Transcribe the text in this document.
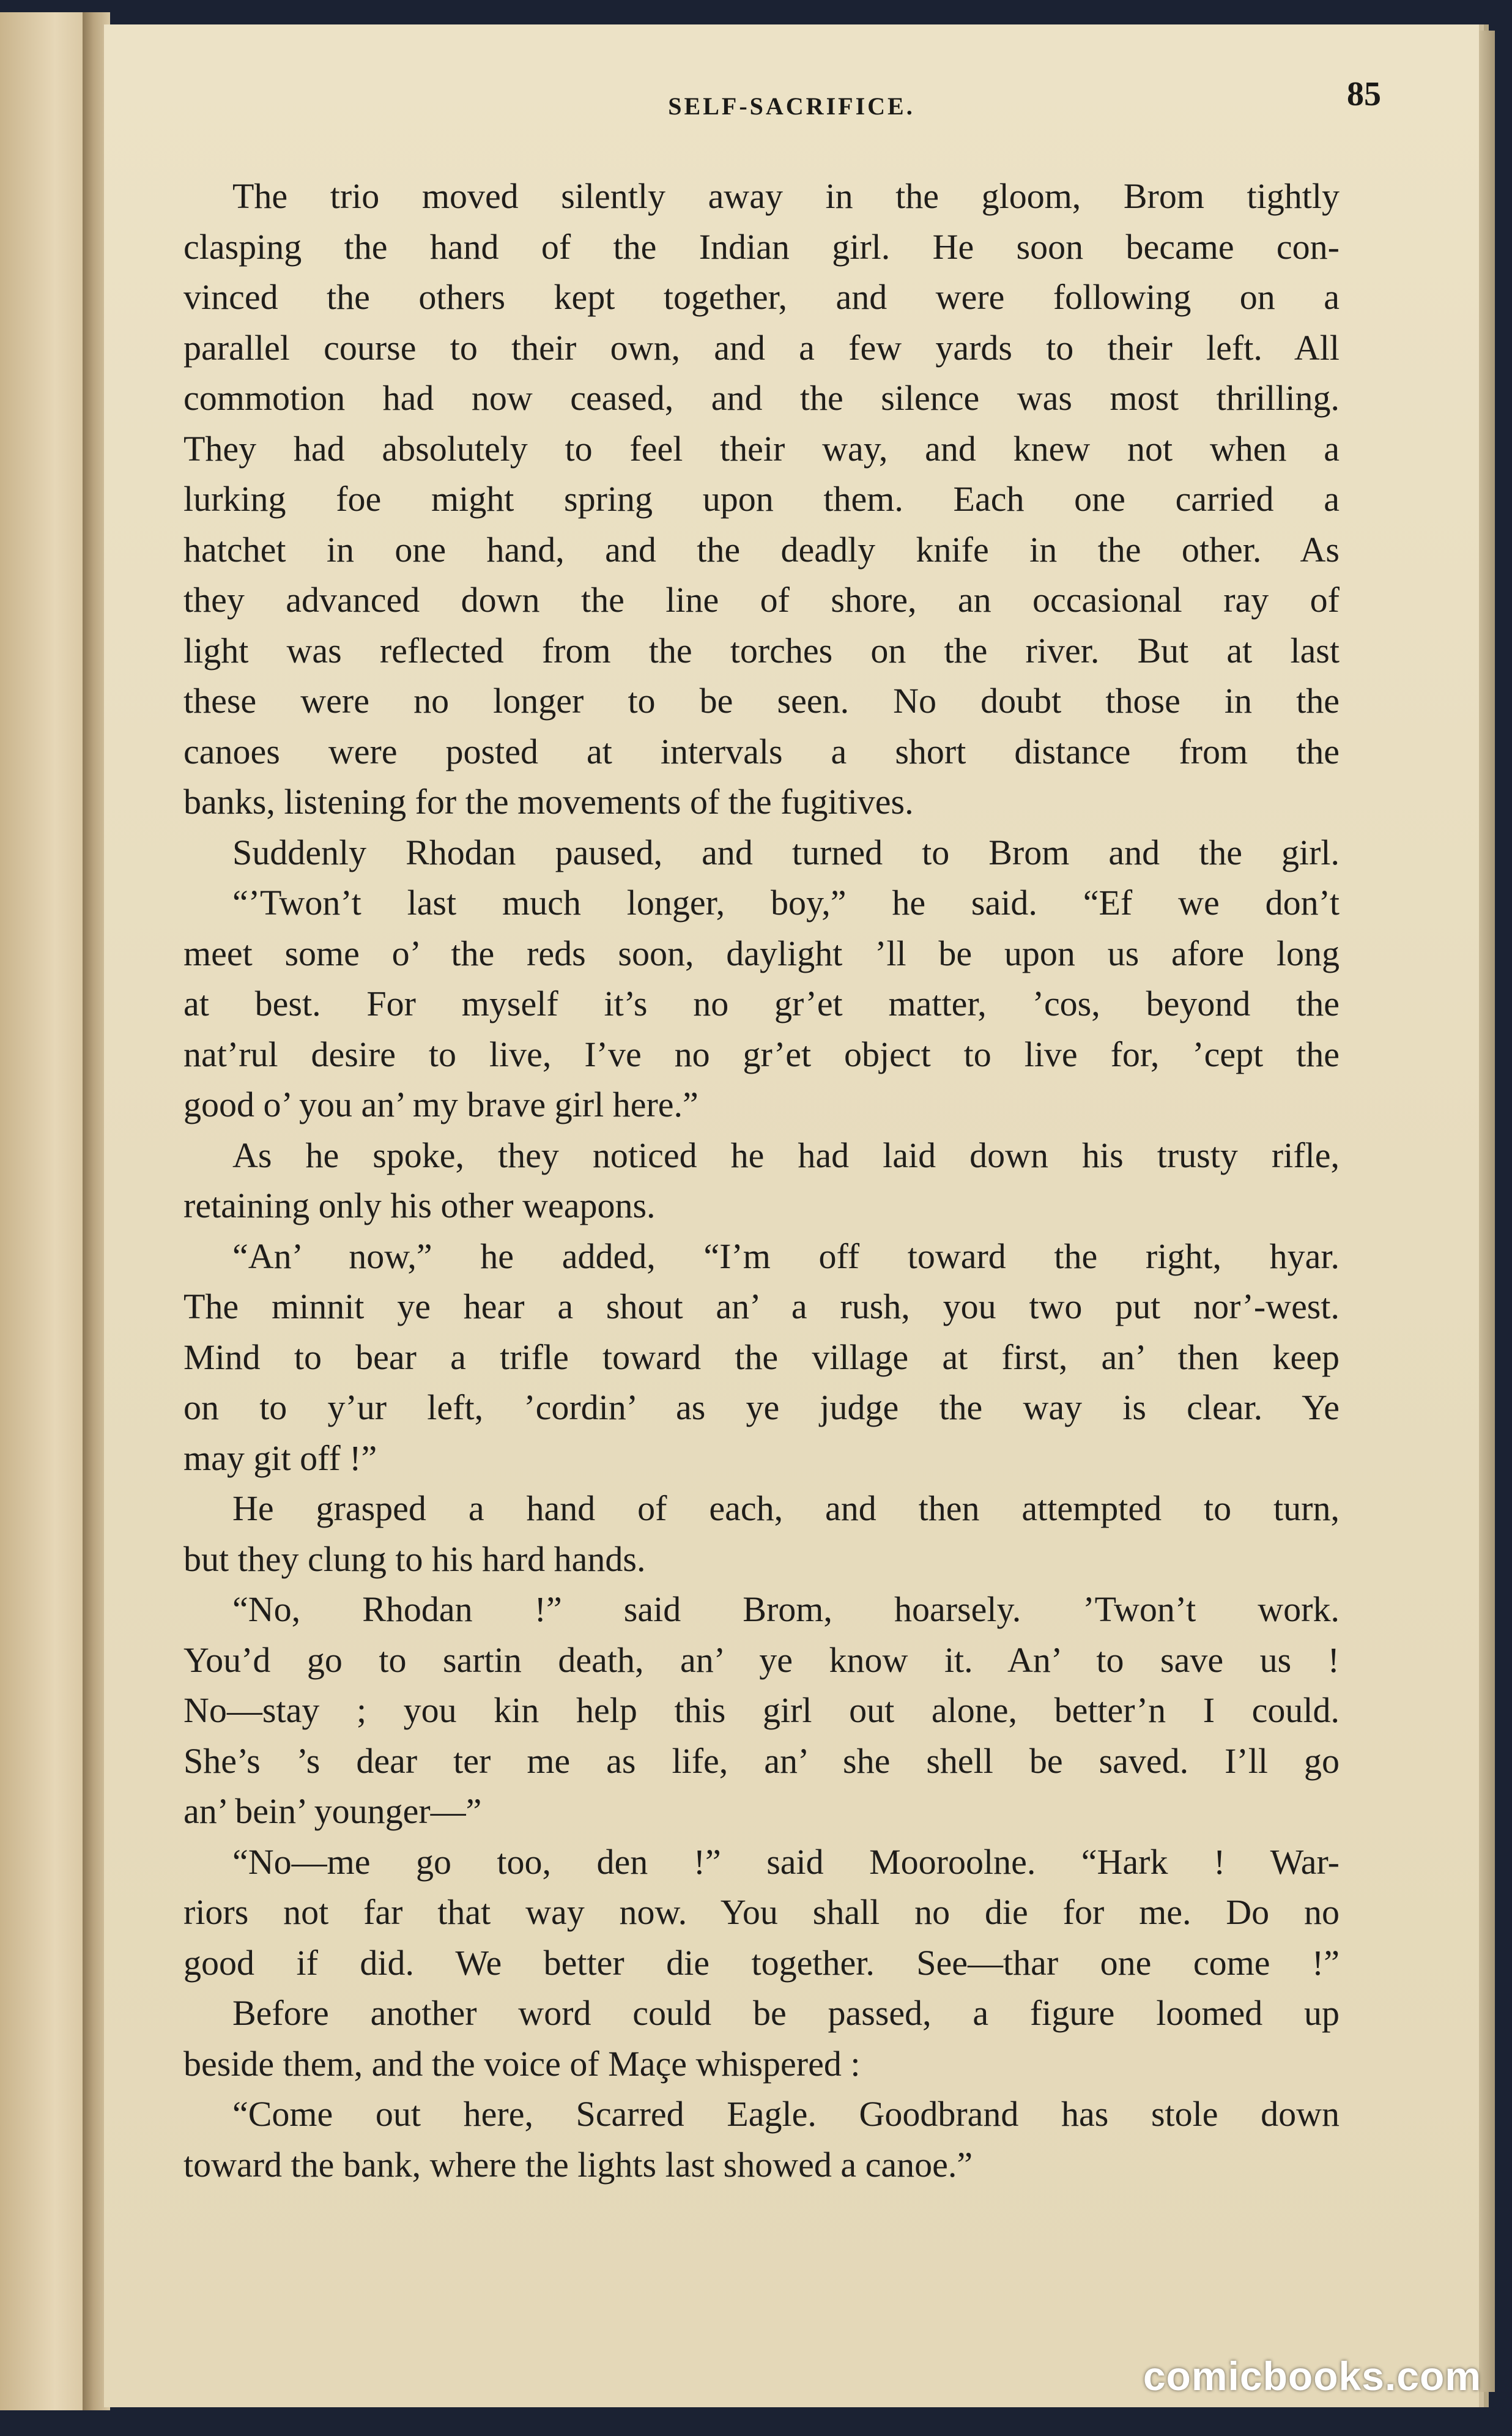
SELF-SACRIFICE.	85
The trio moved silently away in the gloom, Brom tightly
clasping the hand of the Indian girl. He soon became con-
vinced the others kept together, and were following on a
parallel course to their own, and a few yards to their left. All
commotion had now ceased, and the silence was most thrilling.
They had absolutely to feel their way, and knew not when a
lurking foe might spring upon them. Each one carried a
hatchet in one hand, and the deadly knife in the other. As
they advanced down the line of shore, an occasional ray of
light was reflected from the torches on the river. But at last
these were no longer to be seen. No doubt those in the
canoes were posted at intervals a short distance from the
banks, listening for the movements of the fugitives.
Suddenly Rhodan paused, and turned to Brom and the girl.
“’Twon’t last much longer, boy,” he said. “Ef we don’t
meet some o’ the reds soon, daylight ’ll be upon us afore long
at best. For myself it’s no gr’et matter, ’cos, beyond the
nat’rul desire to live, I’ve no gr’et object to live for, ’cept the
good o’ you an’ my brave girl here.”
As he spoke, they noticed he had laid down his trusty rifle,
retaining only his other weapons.
“An’ now,” he added, “I’m off toward the right, hyar.
The minnit ye hear a shout an’ a rush, you two put nor’-west.
Mind to bear a trifle toward the village at first, an’ then keep
on to y’ur left, ’cordin’ as ye judge the way is clear. Ye
may git off !”
He grasped a hand of each, and then attempted to turn,
but they clung to his hard hands.
“No, Rhodan !” said Brom, hoarsely. ’Twon’t work.
You’d go to sartin death, an’ ye know it. An’ to save us !
No—stay ; you kin help this girl out alone, better’n I could.
She’s ’s dear ter me as life, an’ she shell be saved. I’ll go
an’ bein’ younger—”
“No—me go too, den !” said Mooroolne. “Hark ! War-
riors not far that way now. You shall no die for me. Do no
good if did. We better die together. See—thar one come !”
Before another word could be passed, a figure loomed up
beside them, and the voice of Maçe whispered :
“Come out here, Scarred Eagle. Goodbrand has stole down
toward the bank, where the lights last showed a canoe.”
comicbooks.com
